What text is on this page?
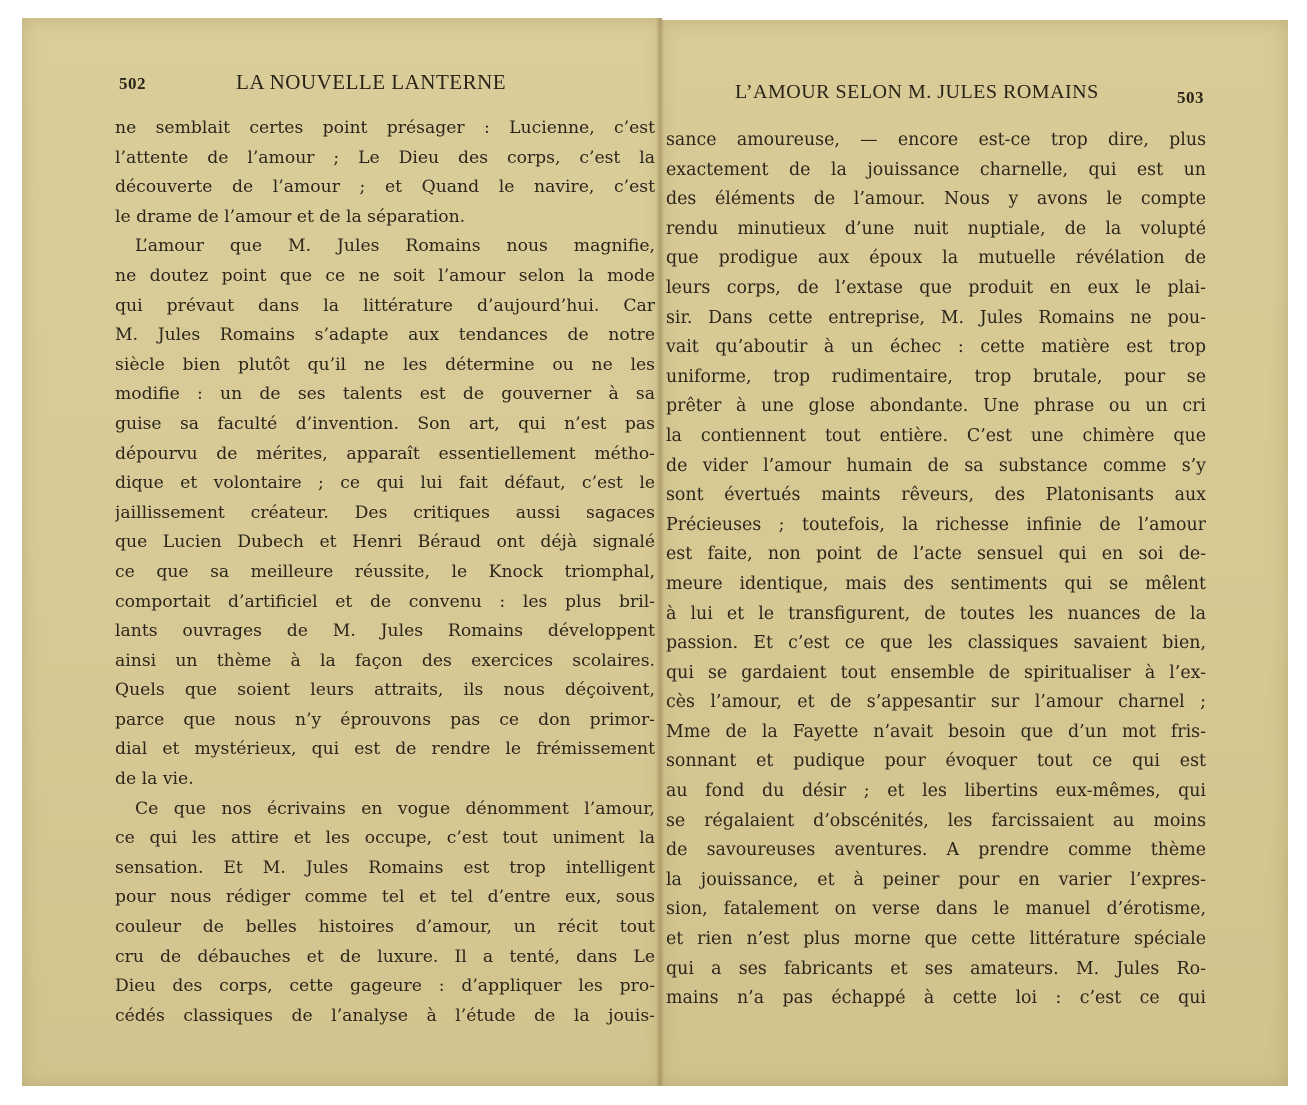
502	LA NOUVELLE LANTERNE	L’AMOUR SELON M. JULES ROMAINS	503
ne semblait certes point présager : Lucienne, c’est
l’attente de l’amour ; Le Dieu des corps, c’est la
découverte de l’amour ; et Quand le navire, c’est
le drame de l’amour et de la séparation.
L’amour que M. Jules Romains nous magnifie,
ne doutez point que ce ne soit l’amour selon la mode
qui prévaut dans la littérature d’aujourd’hui. Car
M. Jules Romains s’adapte aux tendances de notre
siècle bien plutôt qu’il ne les détermine ou ne les
modifie : un de ses talents est de gouverner à sa
guise sa faculté d’invention. Son art, qui n’est pas
dépourvu de mérites, apparaît essentiellement métho-
dique et volontaire ; ce qui lui fait défaut, c’est le
jaillissement créateur. Des critiques aussi sagaces
que Lucien Dubech et Henri Béraud ont déjà signalé
ce que sa meilleure réussite, le Knock triomphal,
comportait d’artificiel et de convenu : les plus bril-
lants ouvrages de M. Jules Romains développent
ainsi un thème à la façon des exercices scolaires.
Quels que soient leurs attraits, ils nous déçoivent,
parce que nous n’y éprouvons pas ce don primor-
dial et mystérieux, qui est de rendre le frémissement
de la vie.
Ce que nos écrivains en vogue dénomment l’amour,
ce qui les attire et les occupe, c’est tout uniment la
sensation. Et M. Jules Romains est trop intelligent
pour nous rédiger comme tel et tel d’entre eux, sous
couleur de belles histoires d’amour, un récit tout
cru de débauches et de luxure. Il a tenté, dans Le
Dieu des corps, cette gageure : d’appliquer les pro-
cédés classiques de l’analyse à l’étude de la jouis-
sance amoureuse, — encore est-ce trop dire, plus
exactement de la jouissance charnelle, qui est un
des éléments de l’amour. Nous y avons le compte
rendu minutieux d’une nuit nuptiale, de la volupté
que prodigue aux époux la mutuelle révélation de
leurs corps, de l’extase que produit en eux le plai-
sir. Dans cette entreprise, M. Jules Romains ne pou-
vait qu’aboutir à un échec : cette matière est trop
uniforme, trop rudimentaire, trop brutale, pour se
prêter à une glose abondante. Une phrase ou un cri
la contiennent tout entière. C’est une chimère que
de vider l’amour humain de sa substance comme s’y
sont évertués maints rêveurs, des Platonisants aux
Précieuses ; toutefois, la richesse infinie de l’amour
est faite, non point de l’acte sensuel qui en soi de-
meure identique, mais des sentiments qui se mêlent
à lui et le transfigurent, de toutes les nuances de la
passion. Et c’est ce que les classiques savaient bien,
qui se gardaient tout ensemble de spiritualiser à l’ex-
cès l’amour, et de s’appesantir sur l’amour charnel ;
Mme de la Fayette n’avait besoin que d’un mot fris-
sonnant et pudique pour évoquer tout ce qui est
au fond du désir ; et les libertins eux-mêmes, qui
se régalaient d’obscénités, les farcissaient au moins
de savoureuses aventures. A prendre comme thème
la jouissance, et à peiner pour en varier l’expres-
sion, fatalement on verse dans le manuel d’érotisme,
et rien n’est plus morne que cette littérature spéciale
qui a ses fabricants et ses amateurs. M. Jules Ro-
mains n’a pas échappé à cette loi : c’est ce qui
